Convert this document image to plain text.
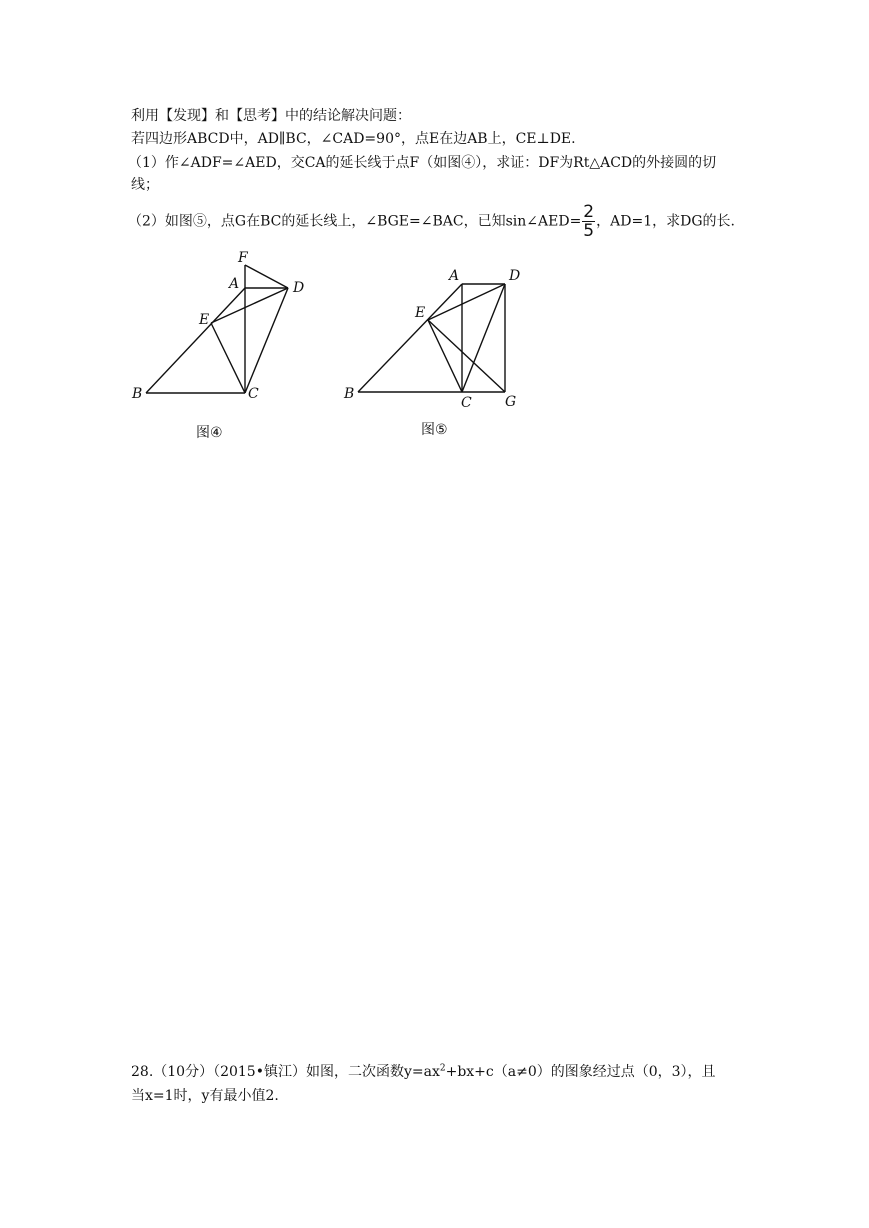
利用【发现】和【思考】中的结论解决问题：
若四边形ABCD中，AD∥BC，∠CAD=90°，点E在边AB上，CE⊥DE.
（1）作∠ADF=∠AED，交CA的延长线于点F（如图④），求证：DF为Rt△ACD的外接圆的切
线；
（2）如图⑤，点G在BC的延长线上，∠BGE=∠BAC，已知sin∠AED= $\frac{2}{5}$ ，AD=1，求DG的长.
F
A	D
E
B	C
A	D
E
B
C G
图④	图⑤
28.（10分）（2015•镇江）如图，二次函数$y=ax^2+bx+c(a\ne 0)$的图象经过点（0，3），且
当x=1时，y有最小值2.
